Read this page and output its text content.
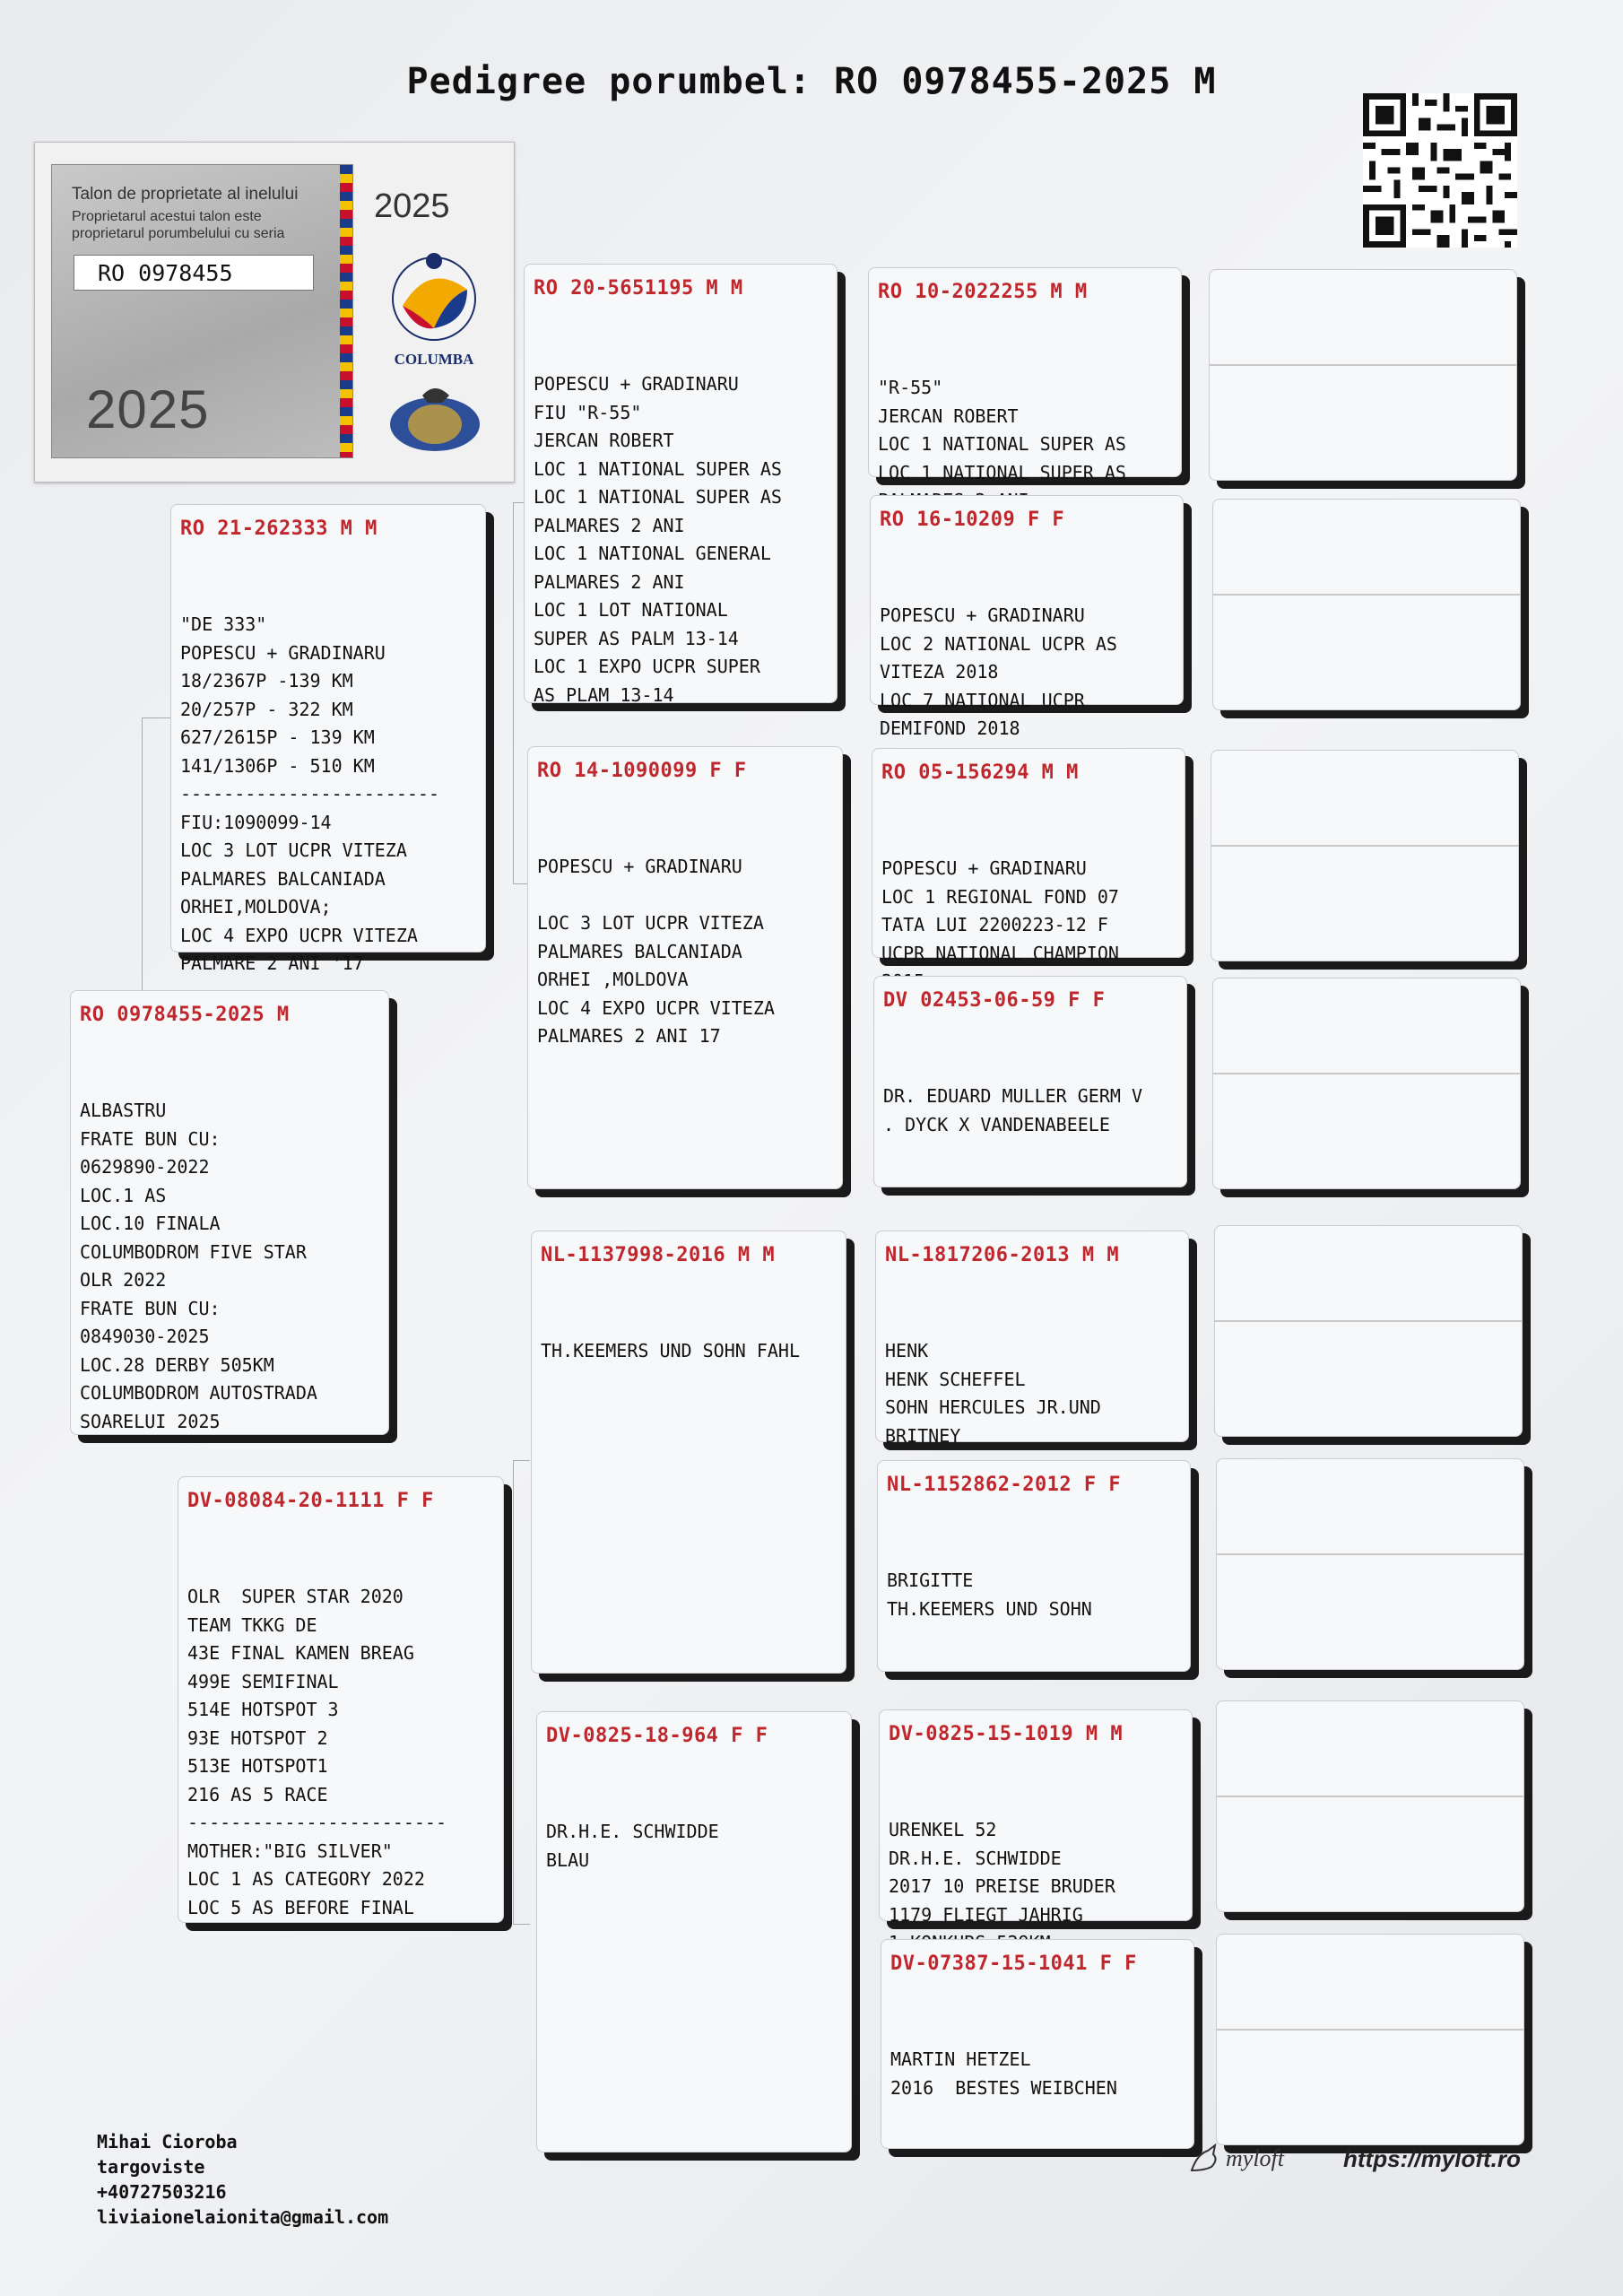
Pedigree porumbel: RO 0978455-2025 M
Talon de proprietate al inelului
Proprietarul acestui talon este proprietarul porumbelului cu seria
RO 0978455
2025
2025
COLUMBA
RO 0978455-2025 M

ALBASTRU
FRATE BUN CU:
0629890-2022
LOC.1 AS
LOC.10 FINALA
COLUMBODROM FIVE STAR
OLR 2022
FRATE BUN CU:
0849030-2025
LOC.28 DERBY 505KM
COLUMBODROM AUTOSTRADA
SOARELUI 2025

RO 21-262333 M M

"DE 333"
POPESCU + GRADINARU
18/2367P -139 KM
20/257P - 322 KM
627/2615P - 139 KM
141/1306P - 510 KM
------------------------
FIU:1090099-14
LOC 3 LOT UCPR VITEZA
PALMARES BALCANIADA
ORHEI,MOLDOVA;
LOC 4 EXPO UCPR VITEZA
PALMARE 2 ANI '17

DV-08084-20-1111 F F

OLR  SUPER STAR 2020
TEAM TKKG DE
43E FINAL KAMEN BREAG
499E SEMIFINAL
514E HOTSPOT 3
93E HOTSPOT 2
513E HOTSPOT1
216 AS 5 RACE
------------------------
MOTHER:"BIG SILVER"
LOC 1 AS CATEGORY 2022
LOC 5 AS BEFORE FINAL

RO 20-5651195 M M

POPESCU + GRADINARU
FIU "R-55"
JERCAN ROBERT
LOC 1 NATIONAL SUPER AS
LOC 1 NATIONAL SUPER AS
PALMARES 2 ANI
LOC 1 NATIONAL GENERAL
PALMARES 2 ANI
LOC 1 LOT NATIONAL
SUPER AS PALM 13-14
LOC 1 EXPO UCPR SUPER
AS PLAM 13-14

RO 14-1090099 F F

POPESCU + GRADINARU
LOC 3 LOT UCPR VITEZA
PALMARES BALCANIADA
ORHEI ,MOLDOVA
LOC 4 EXPO UCPR VITEZA
PALMARES 2 ANI 17

NL-1137998-2016 M M

TH.KEEMERS UND SOHN FAHL

DV-0825-18-964 F F

DR.H.E. SCHWIDDE
BLAU

RO 10-2022255 M M

"R-55"
JERCAN ROBERT
LOC 1 NATIONAL SUPER AS
LOC 1 NATIONAL SUPER AS

RO 16-10209 F F

POPESCU + GRADINARU
LOC 2 NATIONAL UCPR AS
VITEZA 2018
LOC 7 NATIONAL UCPR
DEMIFOND 2018

RO 05-156294 M M

POPESCU + GRADINARU
LOC 1 REGIONAL FOND 07
TATA LUI 2200223-12 F
UCPR NATIONAL CHAMPION

DV 02453-06-59 F F

DR. EDUARD MULLER GERM V
. DYCK X VANDENABEELE

NL-1817206-2013 M M

HENK
HENK SCHEFFEL
SOHN HERCULES JR.UND
BRITNEY

NL-1152862-2012 F F

BRIGITTE
TH.KEEMERS UND SOHN

DV-0825-15-1019 M M

URENKEL 52
DR.H.E. SCHWIDDE
2017 10 PREISE BRUDER
1179 FLIEGT JAHRIG

DV-07387-15-1041 F F

MARTIN HETZEL
2016  BESTES WEIBCHEN

Mihai Cioroba
targoviste
+40727503216
liviaionelaionita@gmail.com
myloft	https://myloft.ro
